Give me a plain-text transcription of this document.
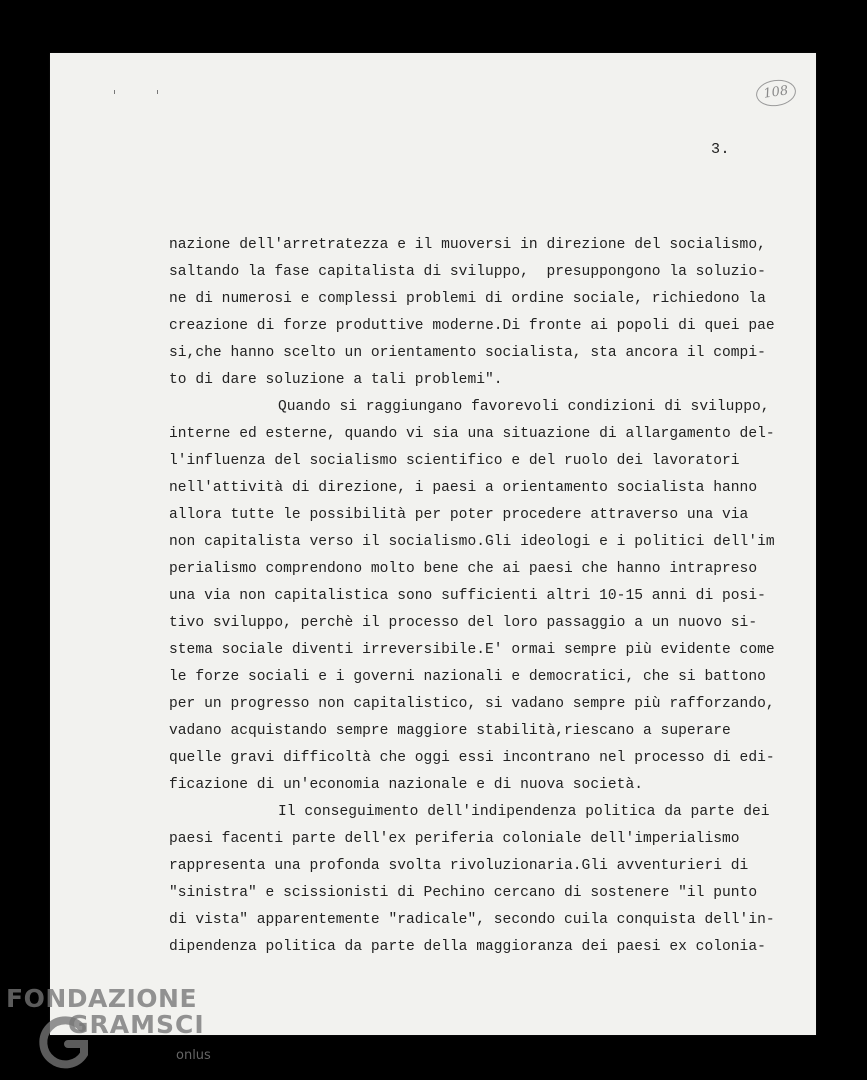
108
3.
nazione dell'arretratezza e il muoversi in direzione del socialismo,
saltando la fase capitalista di sviluppo,  presuppongono la soluzio-
ne di numerosi e complessi problemi di ordine sociale, richiedono la
creazione di forze produttive moderne.Di fronte ai popoli di quei pae
si,che hanno scelto un orientamento socialista, sta ancora il compi-
to di dare soluzione a tali problemi".
Quando si raggiungano favorevoli condizioni di sviluppo,
interne ed esterne, quando vi sia una situazione di allargamento del-
l'influenza del socialismo scientifico e del ruolo dei lavoratori
nell'attività di direzione, i paesi a orientamento socialista hanno
allora tutte le possibilità per poter procedere attraverso una via
non capitalista verso il socialismo.Gli ideologi e i politici dell'im
perialismo comprendono molto bene che ai paesi che hanno intrapreso
una via non capitalistica sono sufficienti altri 10-15 anni di posi-
tivo sviluppo, perchè il processo del loro passaggio a un nuovo si-
stema sociale diventi irreversibile.E' ormai sempre più evidente come
le forze sociali e i governi nazionali e democratici, che si battono
per un progresso non capitalistico, si vadano sempre più rafforzando,
vadano acquistando sempre maggiore stabilità,riescano a superare
quelle gravi difficoltà che oggi essi incontrano nel processo di edi-
ficazione di un'economia nazionale e di nuova società.
Il conseguimento dell'indipendenza politica da parte dei
paesi facenti parte dell'ex periferia coloniale dell'imperialismo
rappresenta una profonda svolta rivoluzionaria.Gli avventurieri di
"sinistra" e scissionisti di Pechino cercano di sostenere "il punto
di vista" apparentemente "radicale", secondo cuila conquista dell'in-
dipendenza politica da parte della maggioranza dei paesi ex colonia-
FONDAZIONE
GRAMSCI
onlus
